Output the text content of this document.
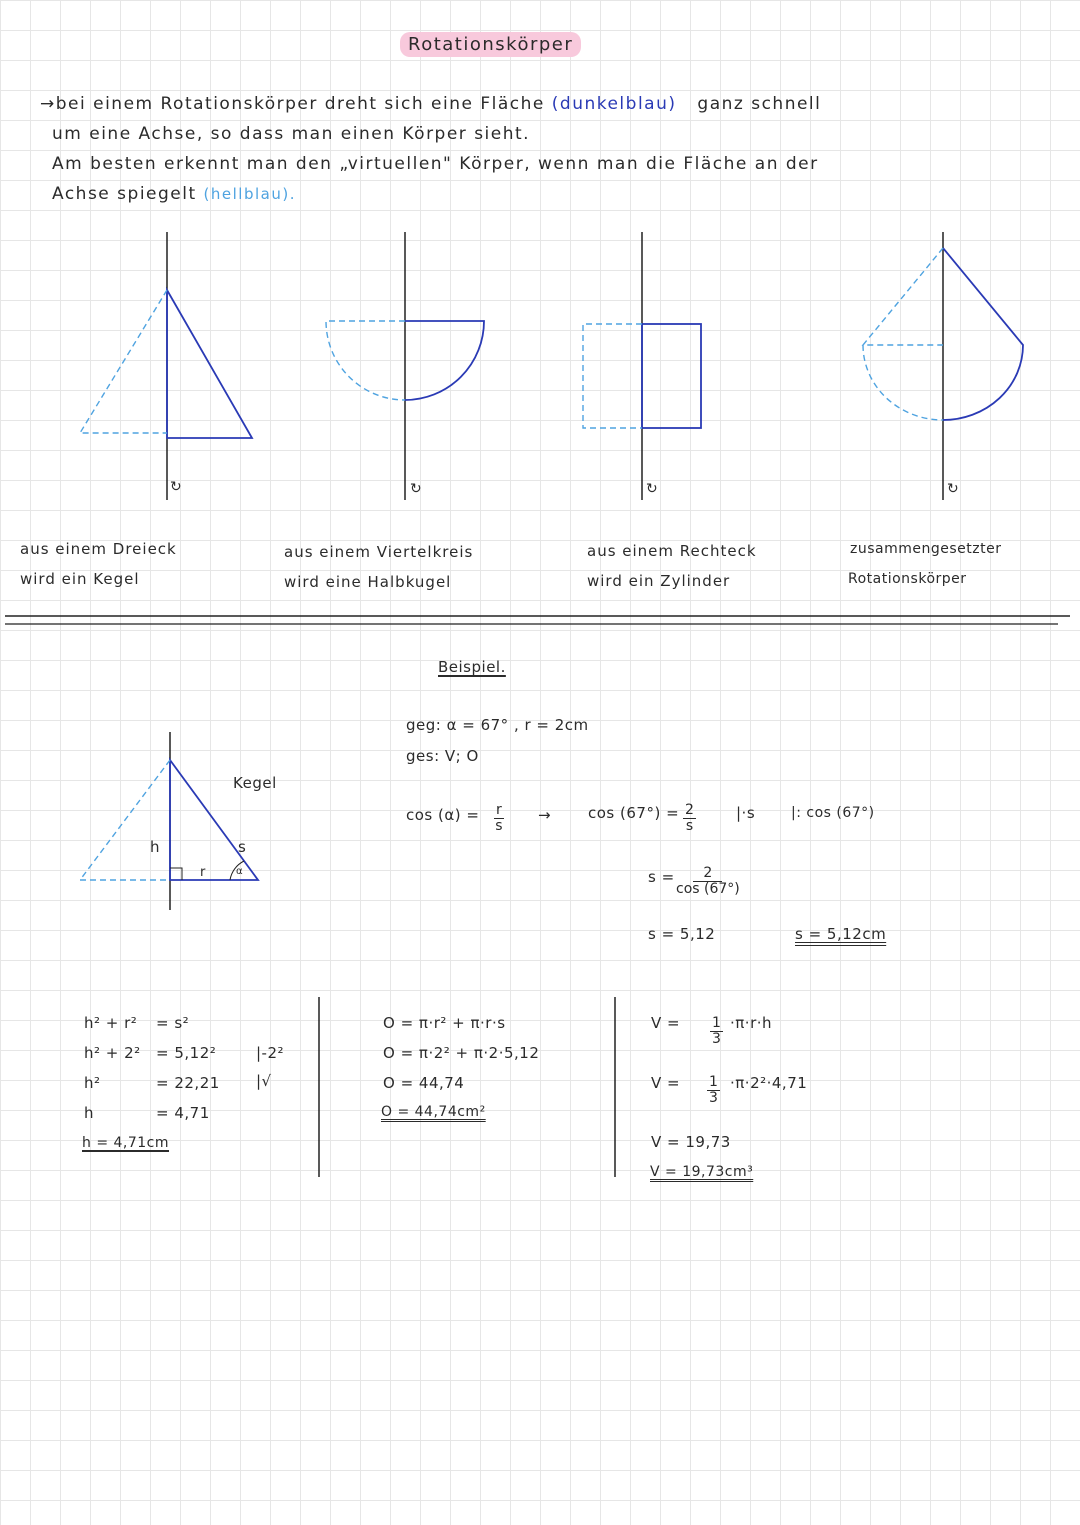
Rotationskörper
→bei einem Rotationskörper dreht sich eine Fläche (dunkelblau) ganz schnell
um eine Achse, so dass man einen Körper sieht.
Am besten erkennt man den „virtuellen" Körper, wenn man die Fläche an der
Achse spiegelt (hellblau).
↻	↻	↻	↻
aus einem Dreieck
wird ein Kegel
aus einem Viertelkreis
wird eine Halbkugel
aus einem Rechteck
wird ein Zylinder
zusammengesetzter
Rotationskörper
Beispiel.
geg: α = 67° , r = 2cm
ges: V; O
Kegel
h
r
s
α
$\cos (\alpha) = \frac{r}{s} \to \cos (67^\circ) = \frac{2}{s}$	|·s	|: cos (67°)
$s = \frac{2}{\cos (67^\circ)}$
s = 5,12	s = 5,12cm
h² + r² = s²
h² + 2² = 5,12²	|-2²
h²	= 22,21 |√
h	= 4,71
h = 4,71cm
O = π·r² + π·r·s
O = π·2² + π·2·5,12
O = 44,74
O = 44,74cm²
$V = \frac{1}{3} \cdot\pi\cdot r\cdot h$
$V = \frac{1}{3} \cdot\pi\cdot 2^2\cdot 4,71$
V = 19,73
V = 19,73cm³
